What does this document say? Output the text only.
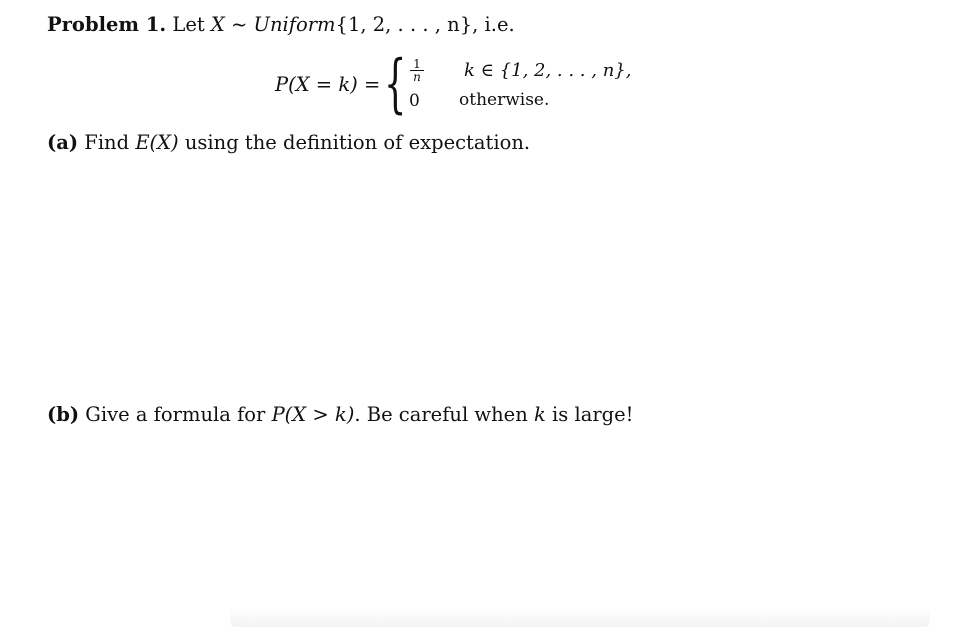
Problem 1. Let X ~ Uniform{1, 2, . . . , n}, i.e.
P(X = k) = { $\frac{1}{n}$ k ∈ {1, 2, . . . , n},
0 otherwise.
(a) Find E(X) using the definition of expectation.
(b) Give a formula for P(X > k). Be careful when k is large!
